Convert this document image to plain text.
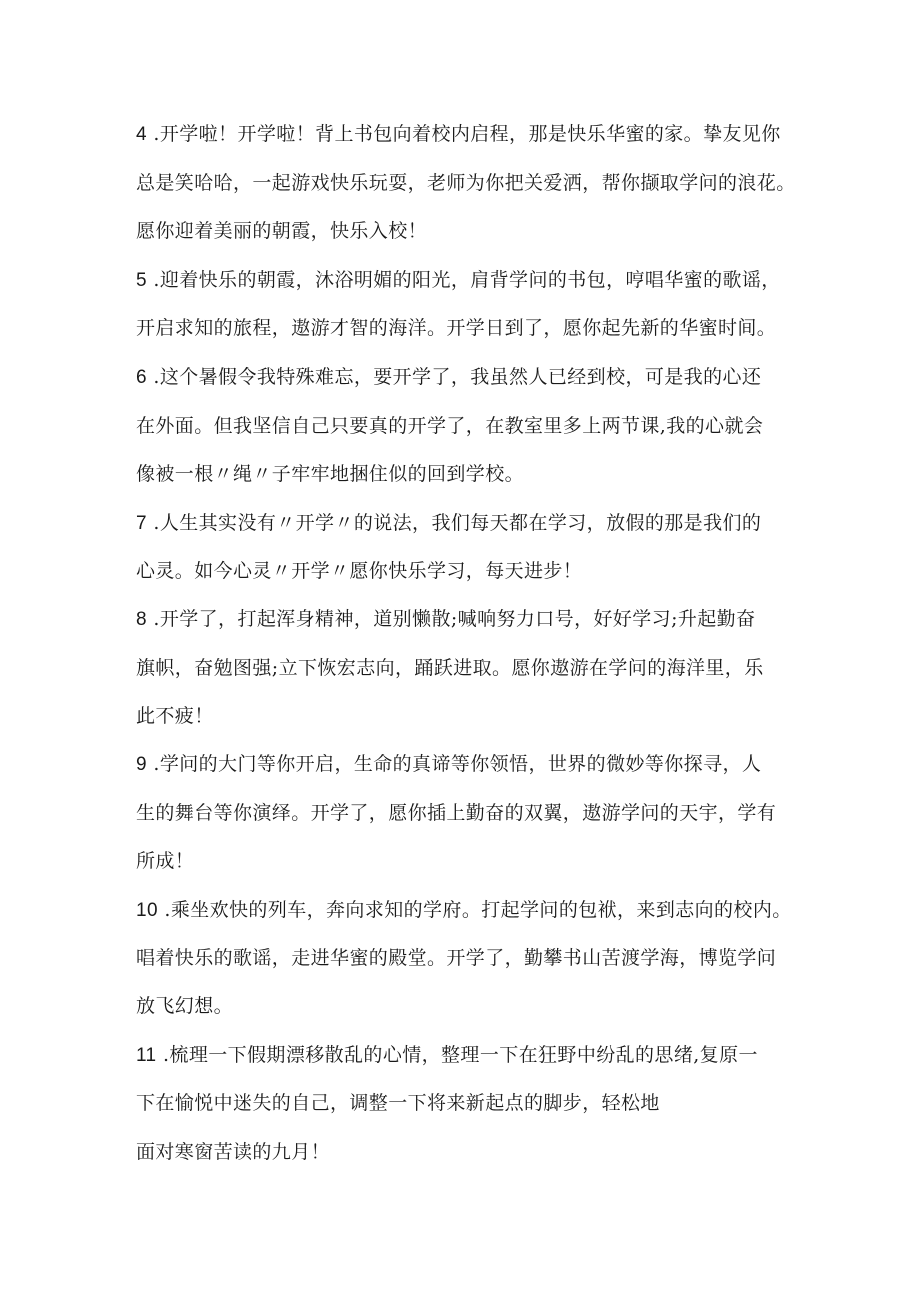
4 .开学啦！开学啦！背上书包向着校内启程，那是快乐华蜜的家。挚友见你
总是笑哈哈，一起游戏快乐玩耍，老师为你把关爱洒，帮你撷取学问的浪花。
愿你迎着美丽的朝霞，快乐入校！
5 .迎着快乐的朝霞，沐浴明媚的阳光，肩背学问的书包，哼唱华蜜的歌谣，
开启求知的旅程，遨游才智的海洋。开学日到了，愿你起先新的华蜜时间。
6 .这个暑假令我特殊难忘，要开学了，我虽然人已经到校，可是我的心还
在外面。但我坚信自己只要真的开学了，在教室里多上两节课,我的心就会
像被一根〃绳〃子牢牢地捆住似的回到学校。
7 .人生其实没有〃开学〃的说法，我们每天都在学习，放假的那是我们的
心灵。如今心灵〃开学〃愿你快乐学习，每天进步！
8 .开学了，打起浑身精神，道别懒散;喊响努力口号，好好学习;升起勤奋
旗帜，奋勉图强;立下恢宏志向，踊跃进取。愿你遨游在学问的海洋里，乐
此不疲！
9 .学问的大门等你开启，生命的真谛等你领悟，世界的微妙等你探寻，人
生的舞台等你演绎。开学了，愿你插上勤奋的双翼，遨游学问的天宇，学有
所成！
10 .乘坐欢快的列车，奔向求知的学府。打起学问的包袱，来到志向的校内。
唱着快乐的歌谣，走进华蜜的殿堂。开学了，勤攀书山苦渡学海，博览学问
放飞幻想。
11 .梳理一下假期漂移散乱的心情，整理一下在狂野中纷乱的思绪,复原一
下在愉悦中迷失的自己，调整一下将来新起点的脚步，轻松地
面对寒窗苦读的九月！
